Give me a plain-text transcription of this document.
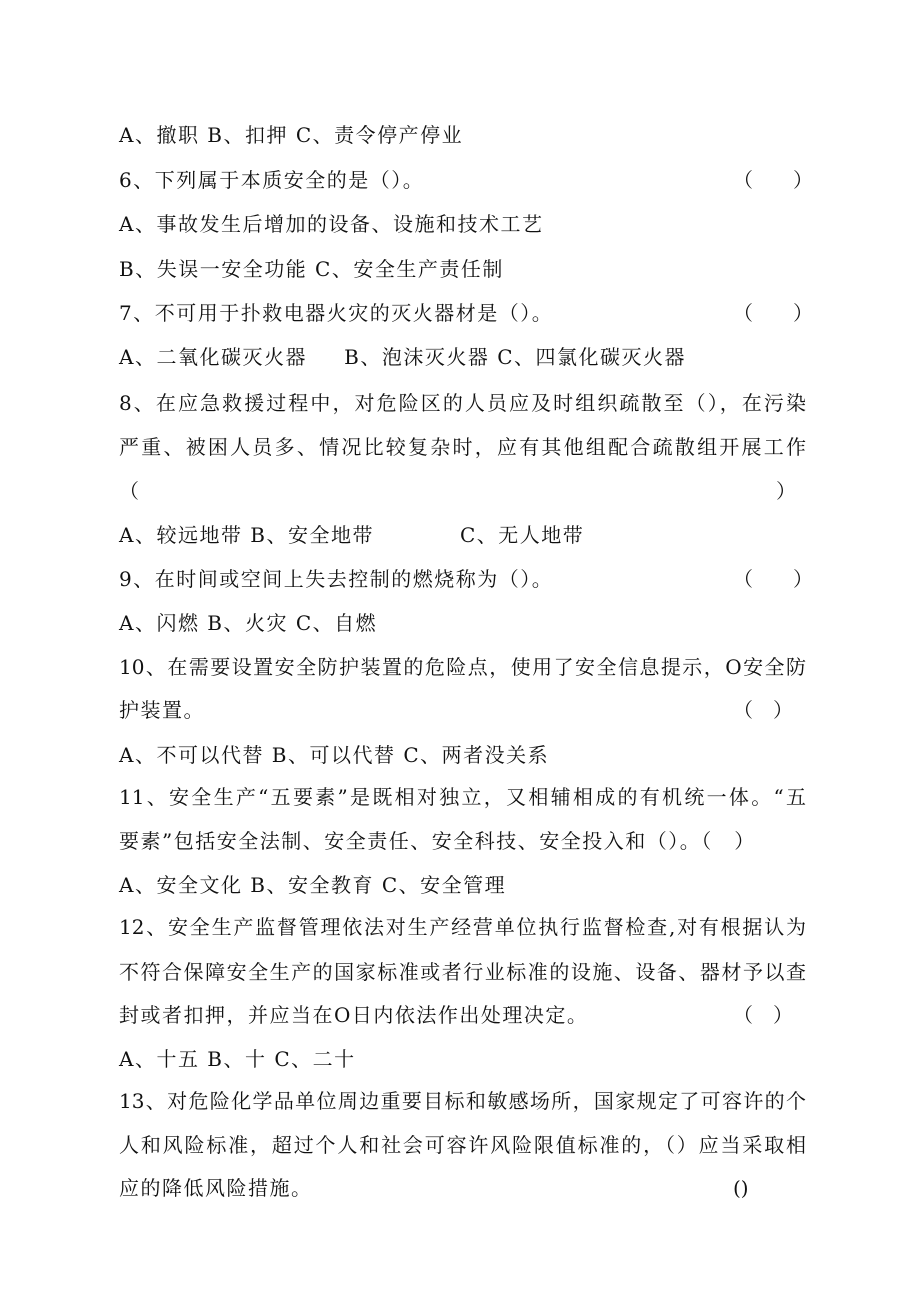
A、撤职 B、扣押 C、责令停产停业
6、下列属于本质安全的是（）。	（　　）
A、事故发生后增加的设备、设施和技术工艺
B、失误一安全功能 C、安全生产责任制
7、不可用于扑救电器火灾的灭火器材是（）。	（　　）
A、二氧化碳灭火器　  B、泡沫灭火器 C、四氯化碳灭火器
8、在应急救援过程中，对危险区的人员应及时组织疏散至（），在污染
严重、被困人员多、情况比较复杂时，应有其他组配合疏散组开展工作
（	）
A、较远地带 B、安全地带　　　　C、无人地带
9、在时间或空间上失去控制的燃烧称为（）。	（　　）
A、闪燃 B、火灾 C、自燃
10、在需要设置安全防护装置的危险点，使用了安全信息提示，O安全防
护装置。	（　）
A、不可以代替 B、可以代替 C、两者没关系
11、安全生产“五要素”是既相对独立，又相辅相成的有机统一体。“五
要素”包括安全法制、安全责任、安全科技、安全投入和（）。（　）
A、安全文化 B、安全教育 C、安全管理
12、安全生产监督管理依法对生产经营单位执行监督检查,对有根据认为
不符合保障安全生产的国家标准或者行业标准的设施、设备、器材予以查
封或者扣押，并应当在O日内依法作出处理决定。	（　）
A、十五 B、十 C、二十
13、对危险化学品单位周边重要目标和敏感场所，国家规定了可容许的个
人和风险标准，超过个人和社会可容许风险限值标准的，（）应当采取相
应的降低风险措施。	()
